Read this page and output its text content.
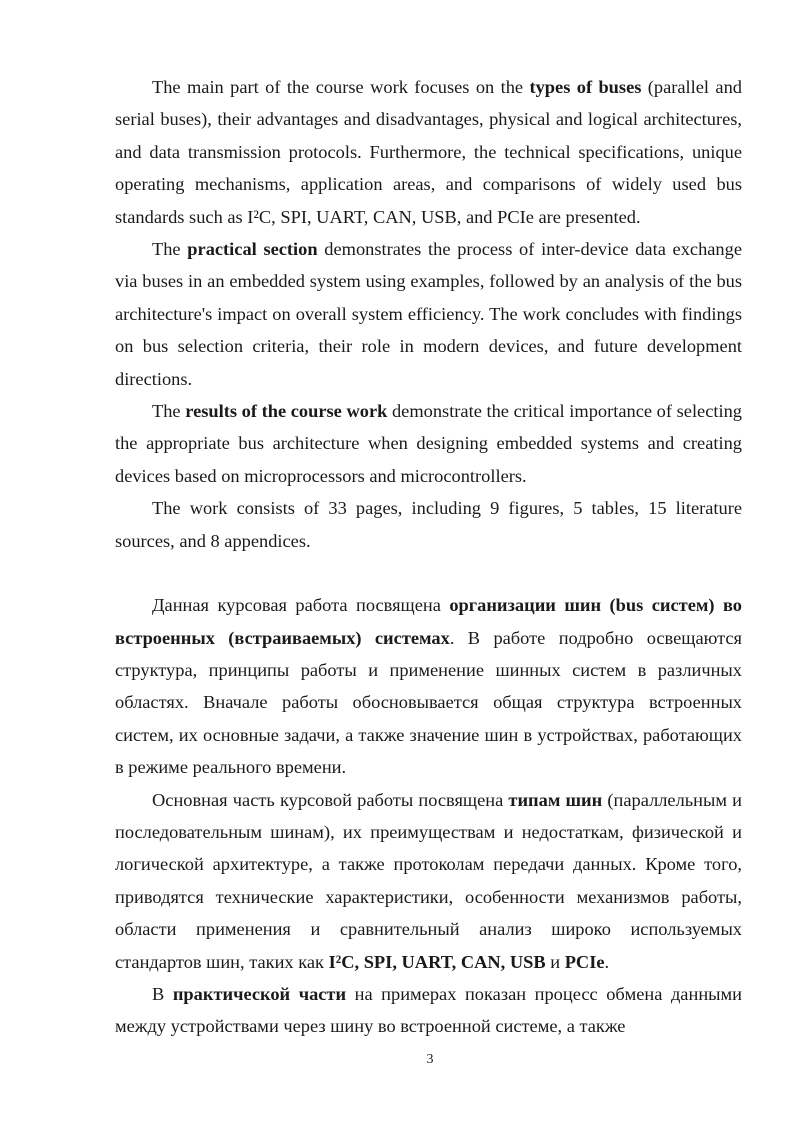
The main part of the course work focuses on the types of buses (parallel and serial buses), their advantages and disadvantages, physical and logical architectures, and data transmission protocols. Furthermore, the technical specifications, unique operating mechanisms, application areas, and comparisons of widely used bus standards such as I²C, SPI, UART, CAN, USB, and PCIe are presented.

The practical section demonstrates the process of inter-device data exchange via buses in an embedded system using examples, followed by an analysis of the bus architecture's impact on overall system efficiency. The work concludes with findings on bus selection criteria, their role in modern devices, and future development directions.

The results of the course work demonstrate the critical importance of selecting the appropriate bus architecture when designing embedded systems and creating devices based on microprocessors and microcontrollers.

The work consists of 33 pages, including 9 figures, 5 tables, 15 literature sources, and 8 appendices.

Данная курсовая работа посвящена организации шин (bus систем) во встроенных (встраиваемых) системах. В работе подробно освещаются структура, принципы работы и применение шинных систем в различных областях. Вначале работы обосновывается общая структура встроенных систем, их основные задачи, а также значение шин в устройствах, работающих в режиме реального времени.

Основная часть курсовой работы посвящена типам шин (параллельным и последовательным шинам), их преимуществам и недостаткам, физической и логической архитектуре, а также протоколам передачи данных. Кроме того, приводятся технические характеристики, особенности механизмов работы, области применения и сравнительный анализ широко используемых стандартов шин, таких как I²C, SPI, UART, CAN, USB и PCIe.

В практической части на примерах показан процесс обмена данными между устройствами через шину во встроенной системе, а также

3
